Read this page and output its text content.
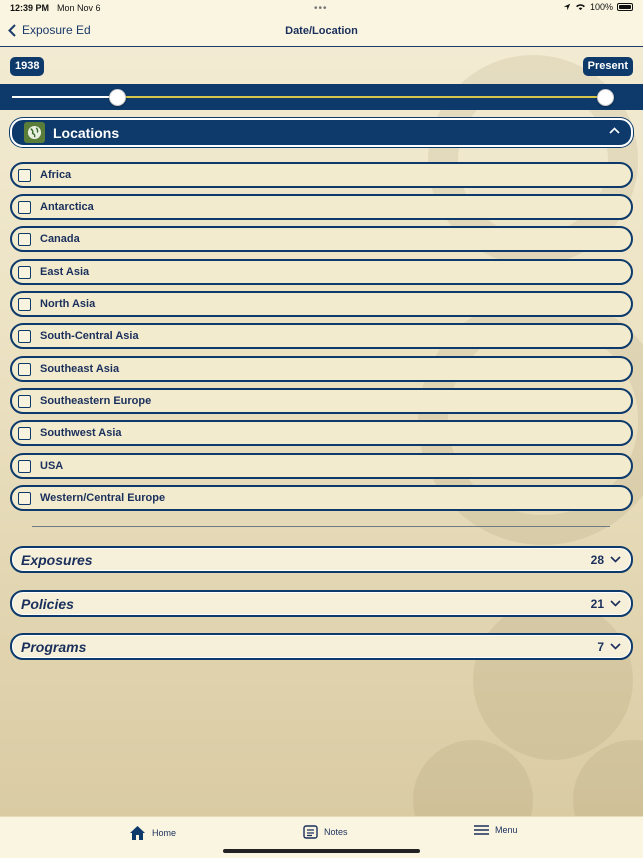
12:39 PM Mon Nov 6	•••	100%
Exposure Ed	Date/Location
1938	Present
Locations
Africa
Antarctica
Canada
East Asia
North Asia
South-Central Asia
Southeast Asia
Southeastern Europe
Southwest Asia
USA
Western/Central Europe
Exposures	28
Policies	21
Programs	7
Home	Notes	Menu
